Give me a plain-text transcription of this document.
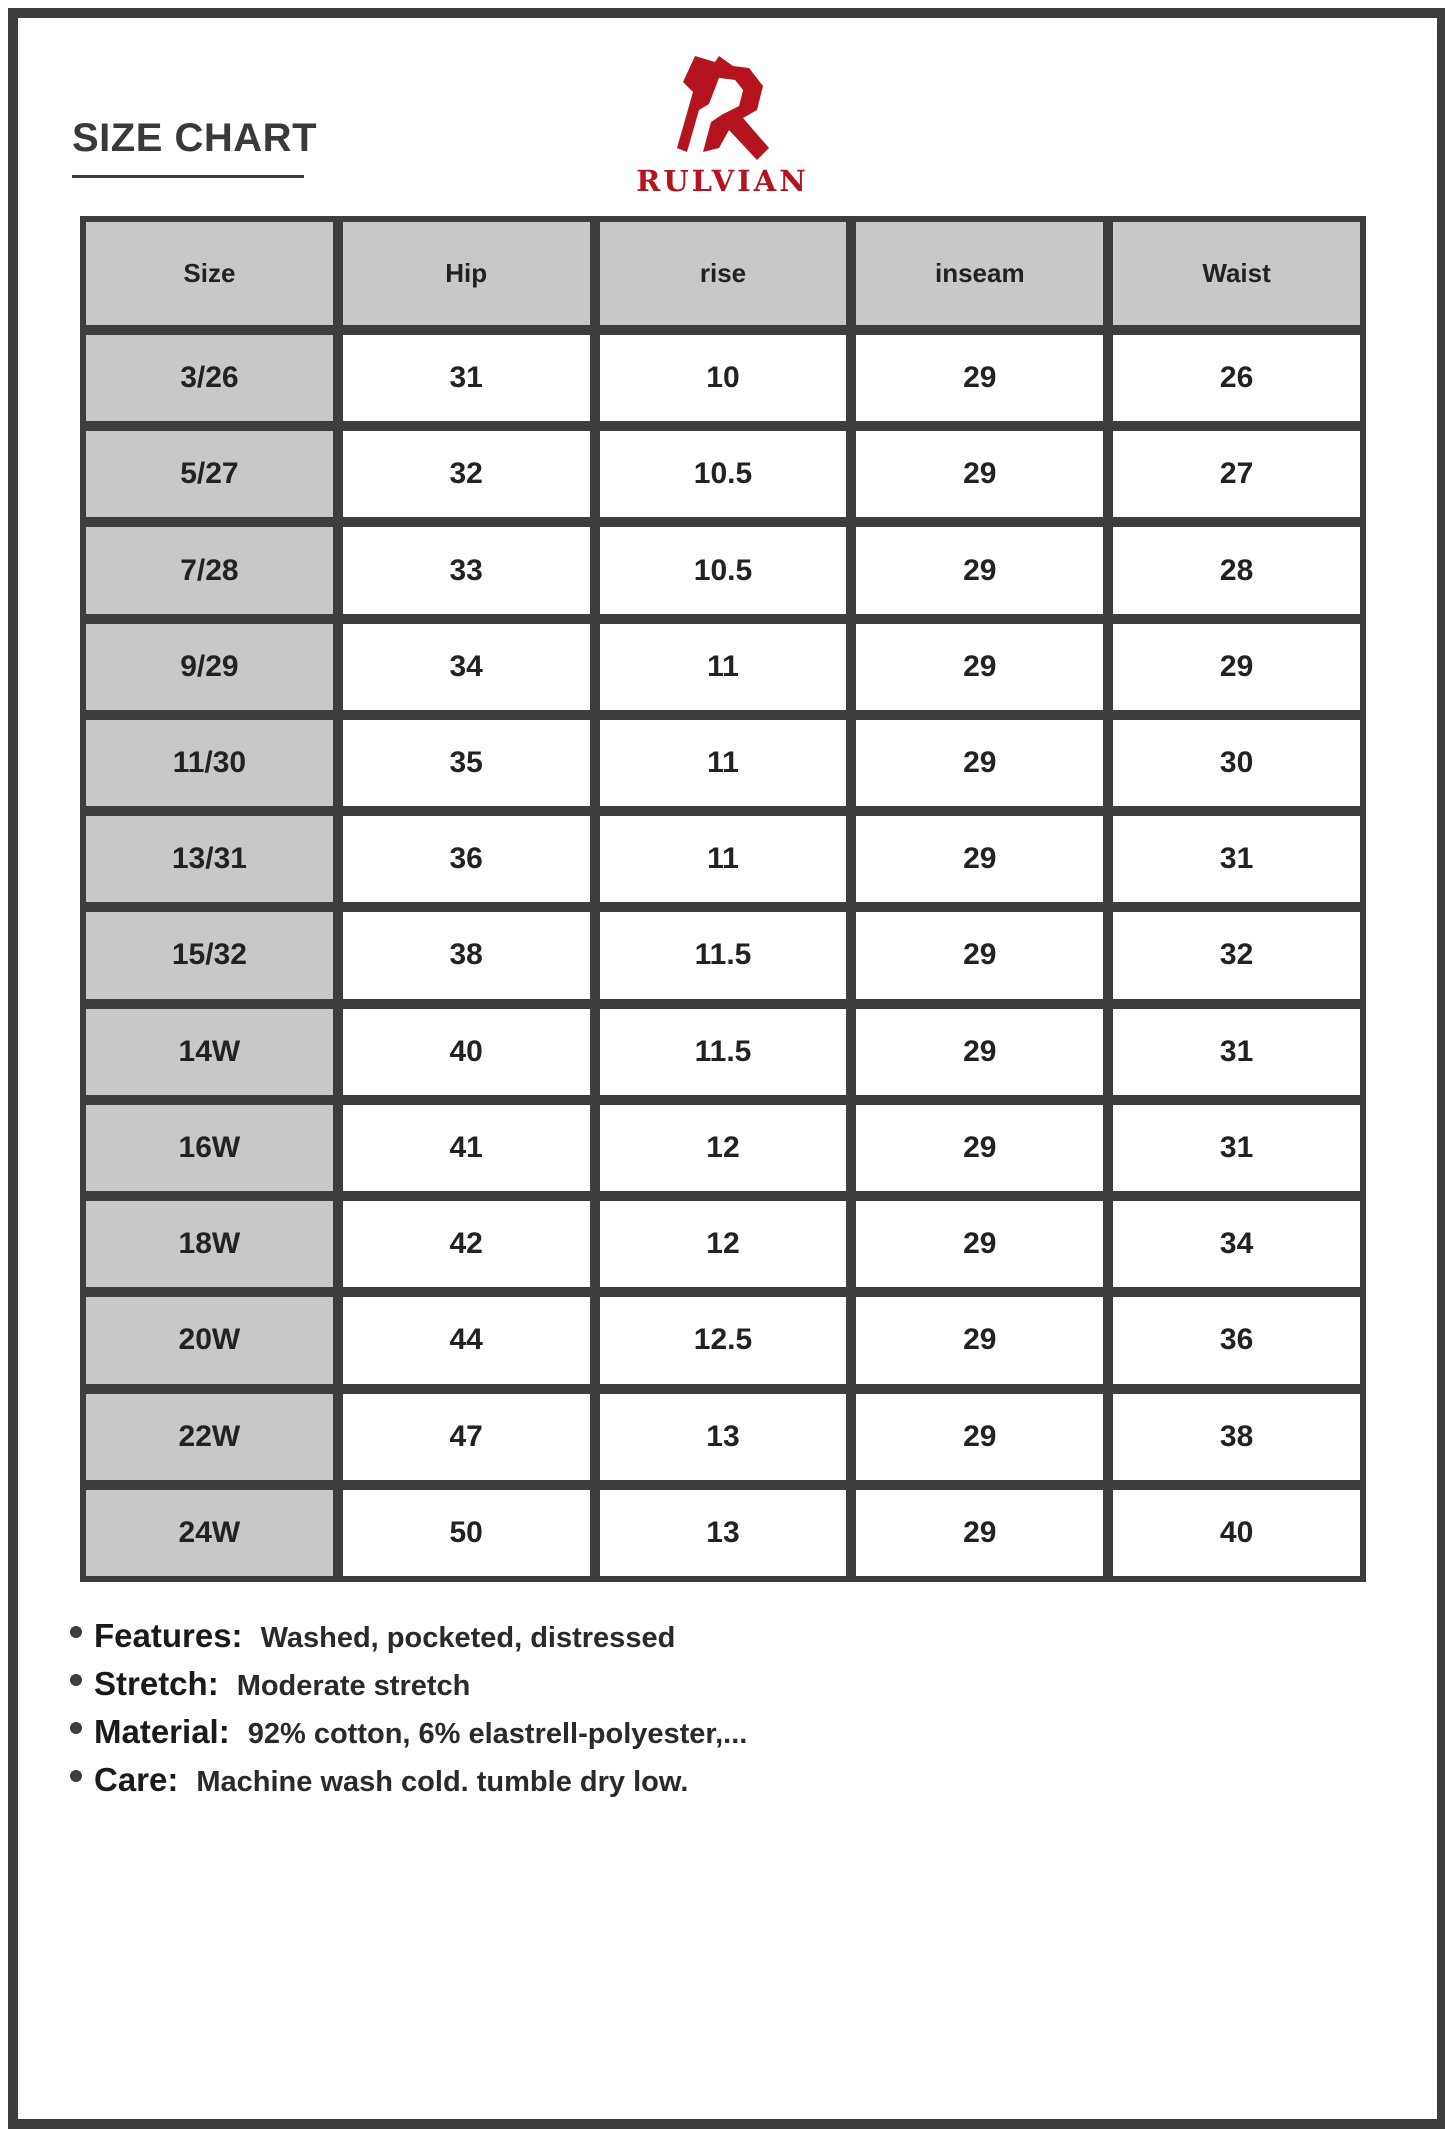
SIZE CHART
RULVIAN
Size	Hip	rise	inseam	Waist
3/26	31	10	29	26
5/27	32	10.5	29	27
7/28	33	10.5	29	28
9/29	34	11	29	29
11/30	35	11	29	30
13/31	36	11	29	31
15/32	38	11.5	29	32
14W	40	11.5	29	31
16W	41	12	29	31
18W	42	12	29	34
20W	44	12.5	29	36
22W	47	13	29	38
24W	50	13	29	40
Features: Washed, pocketed, distressed
Stretch: Moderate stretch
Material: 92% cotton, 6% elastrell-polyester,...
Care: Machine wash cold. tumble dry low.
